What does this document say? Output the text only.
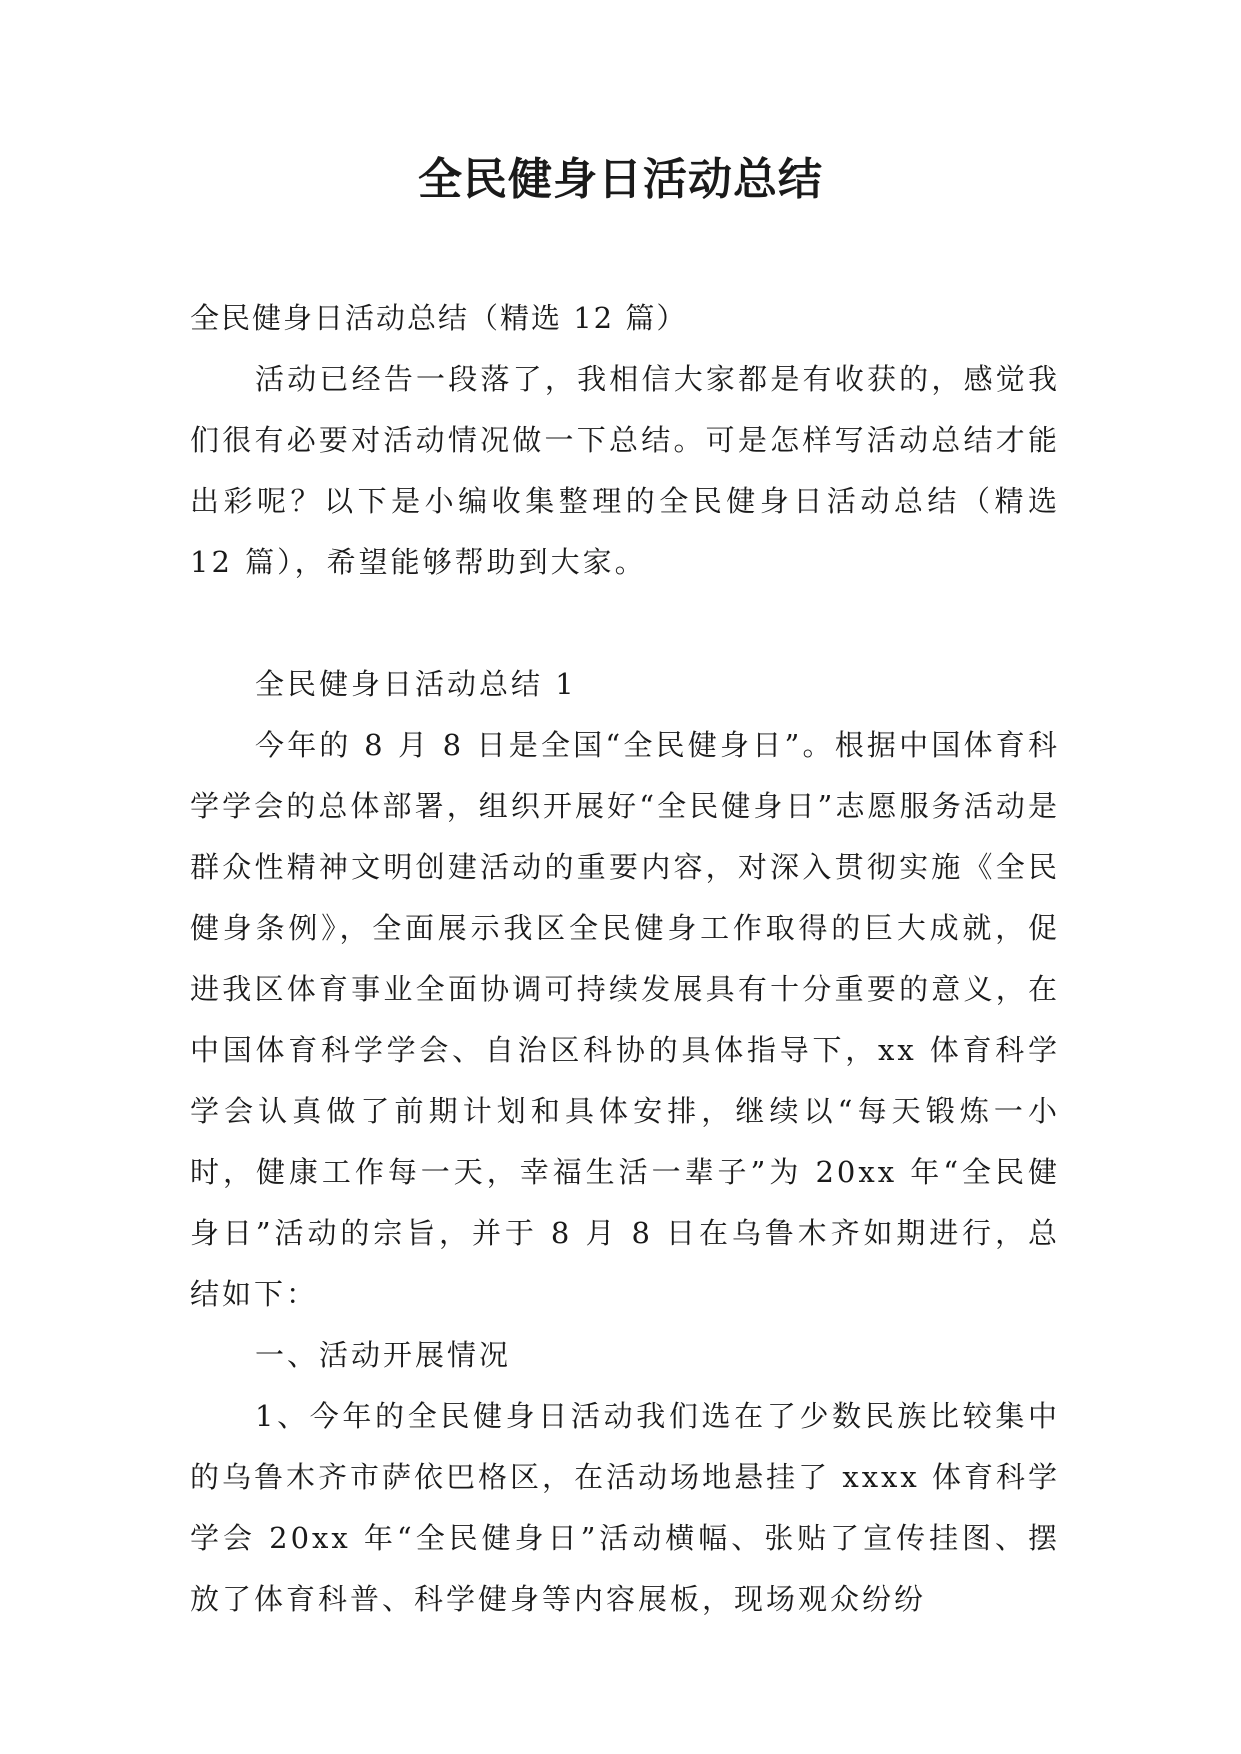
全民健身日活动总结

全民健身日活动总结（精选 12 篇）

活动已经告一段落了，我相信大家都是有收获的，感觉我们很有必要对活动情况做一下总结。可是怎样写活动总结才能出彩呢？以下是小编收集整理的全民健身日活动总结（精选 12 篇），希望能够帮助到大家。

全民健身日活动总结 1

今年的 8 月 8 日是全国“全民健身日”。根据中国体育科学学会的总体部署，组织开展好“全民健身日”志愿服务活动是群众性精神文明创建活动的重要内容，对深入贯彻实施《全民健身条例》，全面展示我区全民健身工作取得的巨大成就，促进我区体育事业全面协调可持续发展具有十分重要的意义，在中国体育科学学会、自治区科协的具体指导下，xx 体育科学学会认真做了前期计划和具体安排，继续以“每天锻炼一小时，健康工作每一天，幸福生活一辈子”为 20xx 年“全民健身日”活动的宗旨，并于 8 月 8 日在乌鲁木齐如期进行，总结如下：

一、活动开展情况

1、今年的全民健身日活动我们选在了少数民族比较集中的乌鲁木齐市萨依巴格区，在活动场地悬挂了 xxxx 体育科学学会 20xx 年“全民健身日”活动横幅、张贴了宣传挂图、摆放了体育科普、科学健身等内容展板，现场观众纷纷
